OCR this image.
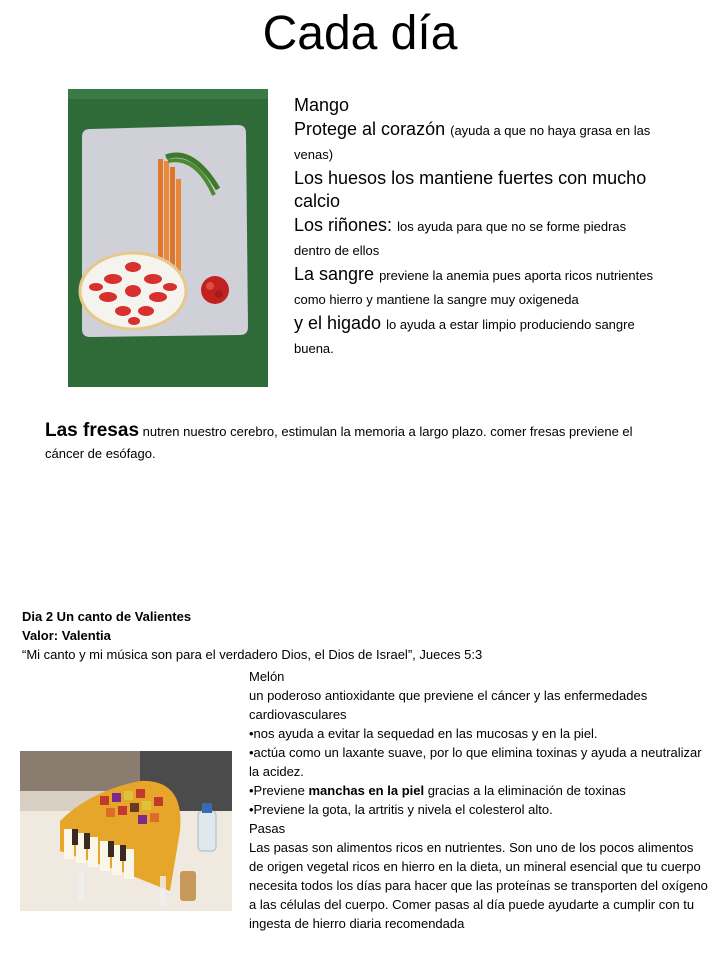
Cada día

Mango

Protege al corazón (ayuda a que no haya grasa en las venas)

Los huesos los mantiene fuertes con mucho calcio

Los riñones: los ayuda para que no se forme piedras dentro de ellos

La sangre previene la anemia pues aporta ricos nutrientes como hierro y mantiene la sangre muy oxigeneda

y el higado lo ayuda a estar limpio produciendo sangre buena.

Las fresas nutren nuestro cerebro, estimulan la memoria a largo plazo. comer fresas previene el cáncer de esófago.

Dia 2 Un canto de Valientes

Valor: Valentia

“Mi canto y mi música son para el verdadero Dios, el Dios de Israel”, Jueces 5:3

Melón

un poderoso antioxidante que previene el cáncer y las enfermedades cardiovasculares

•nos ayuda a evitar la sequedad en las mucosas y en la piel.

•actúa como un laxante suave, por lo que elimina toxinas y ayuda a neutralizar la acidez.

•Previene manchas en la piel gracias a la eliminación de toxinas

•Previene la gota, la artritis y nivela el colesterol alto.

Pasas

Las pasas son alimentos ricos en nutrientes. Son uno de los pocos alimentos de origen vegetal ricos en hierro en la dieta, un mineral esencial que tu cuerpo necesita todos los días para hacer que las proteínas se transporten del oxígeno a las células del cuerpo. Comer pasas al día puede ayudarte a cumplir con tu ingesta de hierro diaria recomendada
